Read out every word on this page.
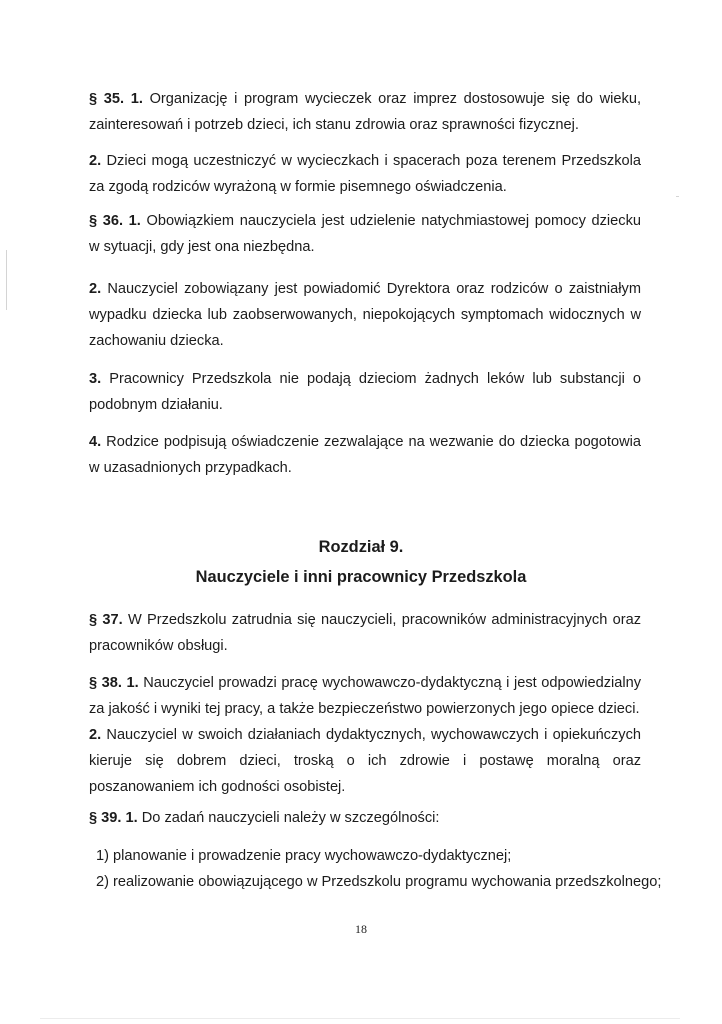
§ 35. 1. Organizację i program wycieczek oraz imprez dostosowuje się do wieku, zainteresowań i potrzeb dzieci, ich stanu zdrowia oraz sprawności fizycznej.

2. Dzieci mogą uczestniczyć w wycieczkach i spacerach poza terenem Przedszkola za zgodą rodziców wyrażoną w formie pisemnego oświadczenia.

§ 36. 1. Obowiązkiem nauczyciela jest udzielenie natychmiastowej pomocy dziecku w sytuacji, gdy jest ona niezbędna.

2. Nauczyciel zobowiązany jest powiadomić Dyrektora oraz rodziców o zaistniałym wypadku dziecka lub zaobserwowanych, niepokojących symptomach widocznych w zachowaniu dziecka.

3. Pracownicy Przedszkola nie podają dzieciom żadnych leków lub substancji o podobnym działaniu.

4. Rodzice podpisują oświadczenie zezwalające na wezwanie do dziecka pogotowia w uzasadnionych przypadkach.

Rozdział 9.

Nauczyciele i inni pracownicy Przedszkola

§ 37. W Przedszkolu zatrudnia się nauczycieli, pracowników administracyjnych oraz pracowników obsługi.

§ 38. 1. Nauczyciel prowadzi pracę wychowawczo-dydaktyczną i jest odpowiedzialny za jakość i wyniki tej pracy, a także bezpieczeństwo powierzonych jego opiece dzieci.

2. Nauczyciel w swoich działaniach dydaktycznych, wychowawczych i opiekuńczych kieruje się dobrem dzieci, troską o ich zdrowie i postawę moralną oraz poszanowaniem ich godności osobistej.

§ 39. 1. Do zadań nauczycieli należy w szczególności:

1) planowanie i prowadzenie pracy wychowawczo-dydaktycznej;

2) realizowanie obowiązującego w Przedszkolu programu wychowania przedszkolnego;

18
